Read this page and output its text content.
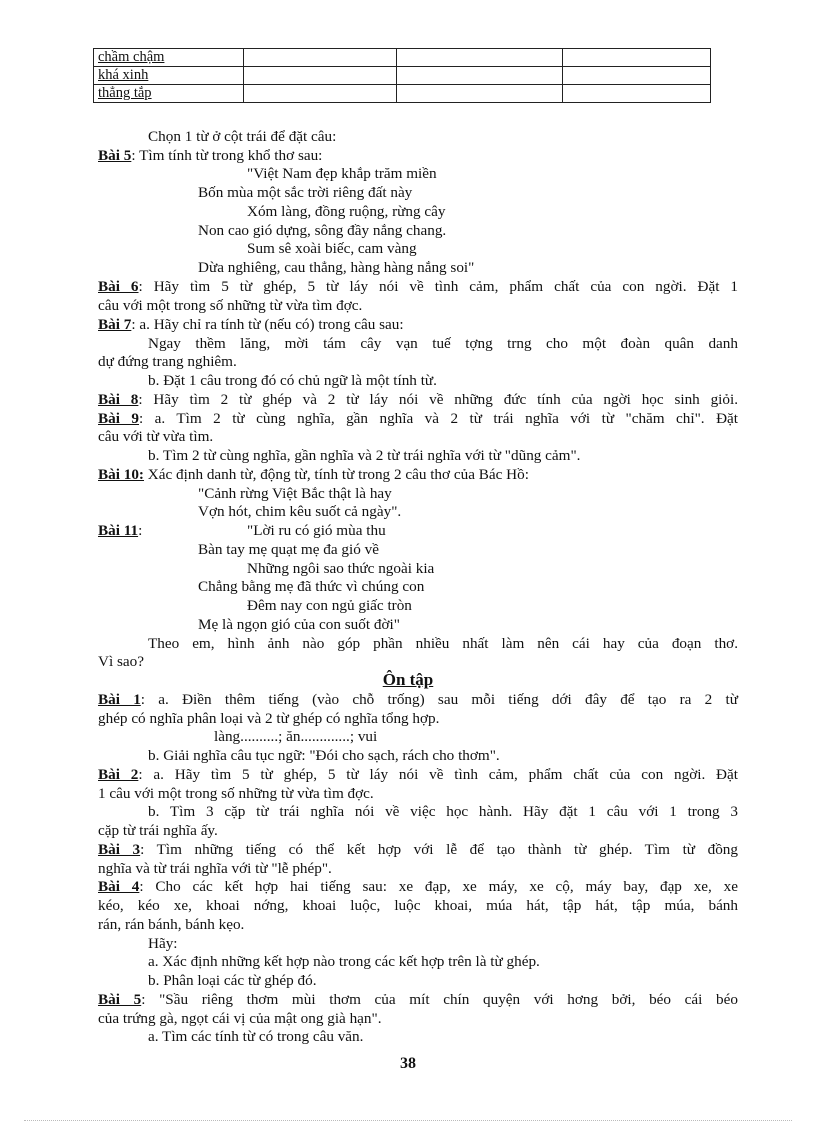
chầm chậm			
khá xinh			
thẳng tắp			
Chọn 1 từ ở cột trái để đặt câu:
Bài 5: Tìm tính từ trong khổ thơ sau:
"Việt Nam đẹp khắp trăm miền
Bốn mùa một sắc trời riêng đất này
Xóm làng, đồng ruộng, rừng cây
Non cao gió dựng, sông đầy nắng chang.
Sum sê xoài biếc, cam vàng
Dừa nghiêng, cau thẳng, hàng hàng nắng soi"
Bài 6: Hãy tìm 5 từ ghép, 5 từ láy nói về tình cảm, phẩm chất của con ngời. Đặt 1
câu với một trong số những từ vừa tìm đợc.
Bài 7: a. Hãy chỉ ra tính từ (nếu có) trong câu sau:
Ngay thềm lăng, mời tám cây vạn tuế tợng trng cho một đoàn quân danh
dự đứng trang nghiêm.
b. Đặt 1 câu trong đó có chủ ngữ là một tính từ.
Bài 8: Hãy tìm 2 từ ghép và 2 từ láy nói về những đức tính của ngời học sinh giỏi.
Bài 9: a. Tìm 2 từ cùng nghĩa, gần nghĩa và 2 từ trái nghĩa với từ "chăm chỉ". Đặt
câu với từ vừa tìm.
b. Tìm 2 từ cùng nghĩa, gần nghĩa và 2 từ trái nghĩa với từ "dũng cảm".
Bài 10: Xác định danh từ, động từ, tính từ trong 2 câu thơ của Bác Hồ:
"Cảnh rừng Việt Bắc thật là hay
Vợn hót, chim kêu suốt cả ngày".
Bài 11:	"Lời ru có gió mùa thu
Bàn tay mẹ quạt mẹ đa gió về
Những ngôi sao thức ngoài kia
Chẳng bằng mẹ đã thức vì chúng con
Đêm nay con ngủ giấc tròn
Mẹ là ngọn gió của con suốt đời"
Theo em, hình ảnh nào góp phần nhiều nhất làm nên cái hay của đoạn thơ.
Vì sao?
Ôn tập
Bài 1: a. Điền thêm tiếng (vào chỗ trống) sau mỗi tiếng dới đây để tạo ra 2 từ
ghép có nghĩa phân loại và 2 từ ghép có nghĩa tổng hợp.
làng..........; ăn.............; vui
b. Giải nghĩa câu tục ngữ: "Đói cho sạch, rách cho thơm".
Bài 2: a. Hãy tìm 5 từ ghép, 5 từ láy nói về tình cảm, phẩm chất của con ngời. Đặt
1 câu với một trong số những từ vừa tìm đợc.
b. Tìm 3 cặp từ trái nghĩa nói về việc học hành. Hãy đặt 1 câu với 1 trong 3
cặp từ trái nghĩa ấy.
Bài 3: Tìm những tiếng có thể kết hợp với lễ để tạo thành từ ghép. Tìm từ đồng
nghĩa và từ trái nghĩa với từ "lễ phép".
Bài 4: Cho các kết hợp hai tiếng sau: xe đạp, xe máy, xe cộ, máy bay, đạp xe, xe
kéo, kéo xe, khoai nớng, khoai luộc, luộc khoai, múa hát, tập hát, tập múa, bánh
rán, rán bánh, bánh kẹo.
Hãy:
a. Xác định những kết hợp nào trong các kết hợp trên là từ ghép.
b. Phân loại các từ ghép đó.
Bài 5: "Sầu riêng thơm mùi thơm của mít chín quyện với hơng bởi, béo cái béo
của trứng gà, ngọt cái vị của mật ong già hạn".
a. Tìm các tính từ có trong câu văn.
38
